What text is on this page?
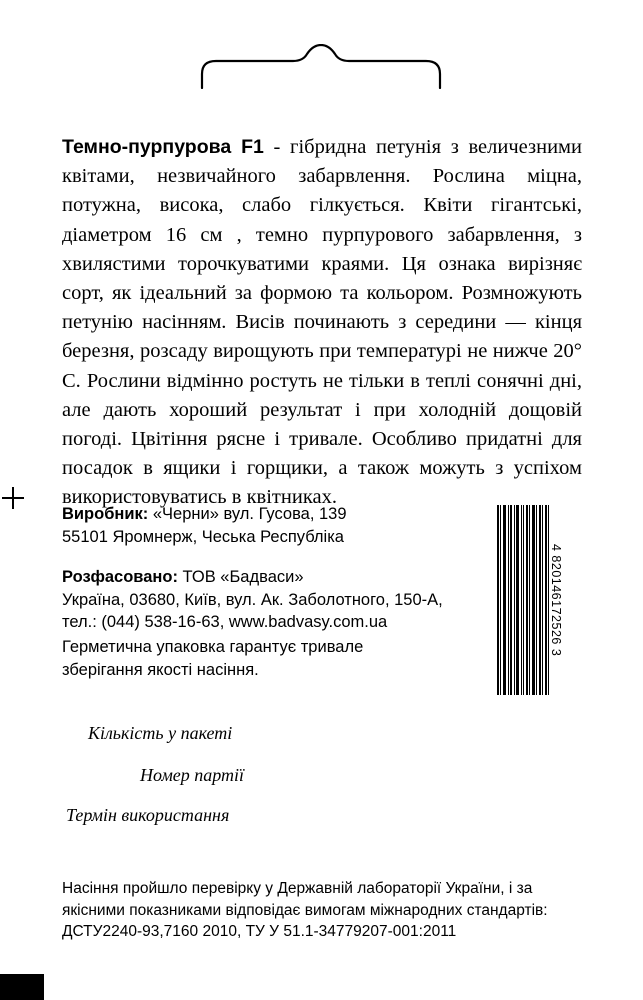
Темно-пурпурова F1 - гібридна петунія з величезними квітами, незвичайного забарвлення. Рослина міцна, потужна, висока, слабо гілкується. Квіти гігантські, діаметром 16 см , темно пурпурового забарвлення, з хвилястими торочкуватими краями. Ця ознака вирізняє сорт, як ідеальний за формою та кольором. Розмножують петунію насінням. Висів починають з середини — кінця березня, розсаду вирощують при температурі не нижче 20° С. Рослини відмінно ростуть не тільки в теплі сонячні дні, але дають хороший результат і при холодній дощовій погоді. Цвітіння рясне і тривале. Особливо придатні для посадок в ящики і горщики, а також можуть з успіхом використовуватись в квітниках.
Виробник: «Черни» вул. Гусова, 139
55101 Яромнерж, Чеська Республіка
Розфасовано: ТОВ «Бадваси»
Україна, 03680, Київ, вул. Ак. Заболотного, 150-А,
тел.: (044) 538-16-63, www.badvasy.com.ua
Герметична упаковка гарантує тривале
зберігання якості насіння.
4 820146172526 3
Кількість у пакеті
Номер партії
Термін використання
Насіння пройшло перевірку у Державній лабораторії України, і за
якісними показниками відповідає вимогам міжнародних стандартів:
ДСТУ2240-93,7160 2010, ТУ У 51.1-34779207-001:2011
